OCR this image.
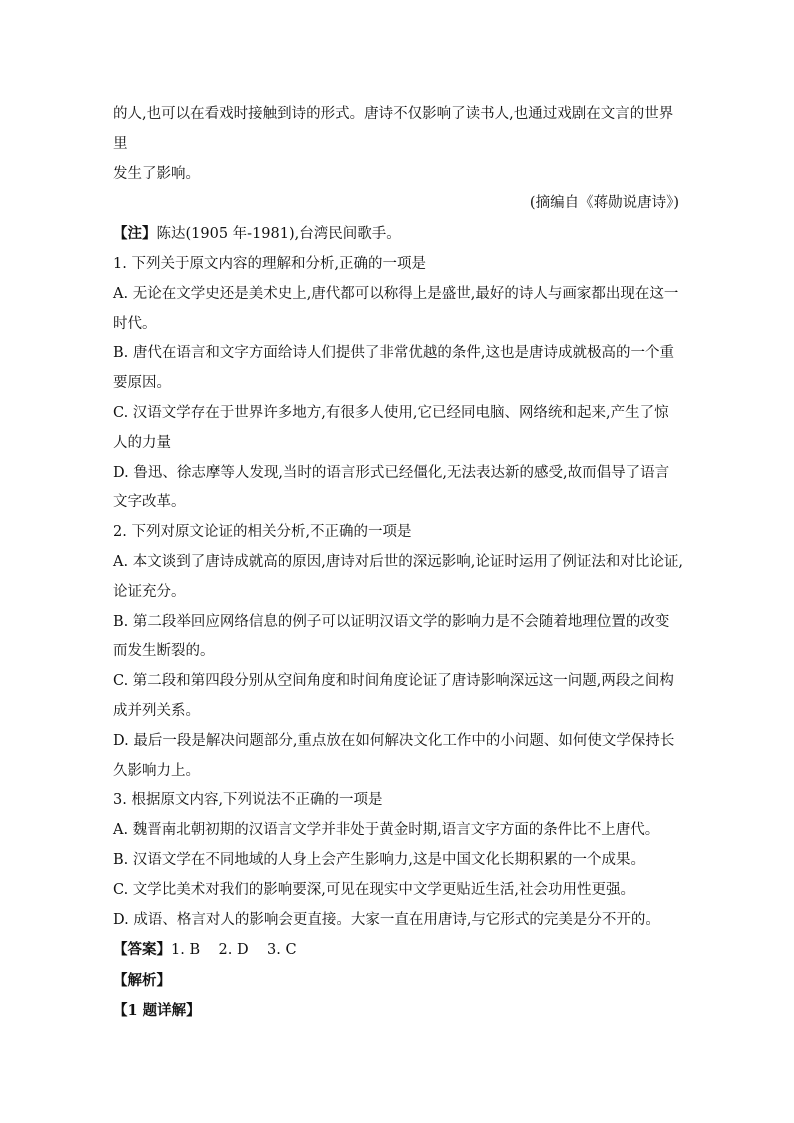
的人,也可以在看戏时接触到诗的形式。唐诗不仅影响了读书人,也通过戏剧在文言的世界里

发生了影响。

(摘编自《蒋勋说唐诗》)

【注】陈达(1905 年-1981),台湾民间歌手。

1. 下列关于原文内容的理解和分析,正确的一项是

A. 无论在文学史还是美术史上,唐代都可以称得上是盛世,最好的诗人与画家都出现在这一时代。

B. 唐代在语言和文字方面给诗人们提供了非常优越的条件,这也是唐诗成就极高的一个重要原因。

C. 汉语文学存在于世界许多地方,有很多人使用,它已经同电脑、网络统和起来,产生了惊人的力量

D. 鲁迅、徐志摩等人发现,当时的语言形式已经僵化,无法表达新的感受,故而倡导了语言文字改革。

2. 下列对原文论证的相关分析,不正确的一项是

A. 本文谈到了唐诗成就高的原因,唐诗对后世的深远影响,论证时运用了例证法和对比论证,论证充分。

B. 第二段举回应网络信息的例子可以证明汉语文学的影响力是不会随着地理位置的改变而发生断裂的。

C. 第二段和第四段分别从空间角度和时间角度论证了唐诗影响深远这一问题,两段之间构成并列关系。

D. 最后一段是解决问题部分,重点放在如何解决文化工作中的小问题、如何使文学保持长久影响力上。

3. 根据原文内容,下列说法不正确的一项是

A. 魏晋南北朝初期的汉语言文学并非处于黄金时期,语言文字方面的条件比不上唐代。

B. 汉语文学在不同地域的人身上会产生影响力,这是中国文化长期积累的一个成果。

C. 文学比美术对我们的影响要深,可见在现实中文学更贴近生活,社会功用性更强。

D. 成语、格言对人的影响会更直接。大家一直在用唐诗,与它形式的完美是分不开的。

【答案】1. B    2. D    3. C

【解析】

【1 题详解】
